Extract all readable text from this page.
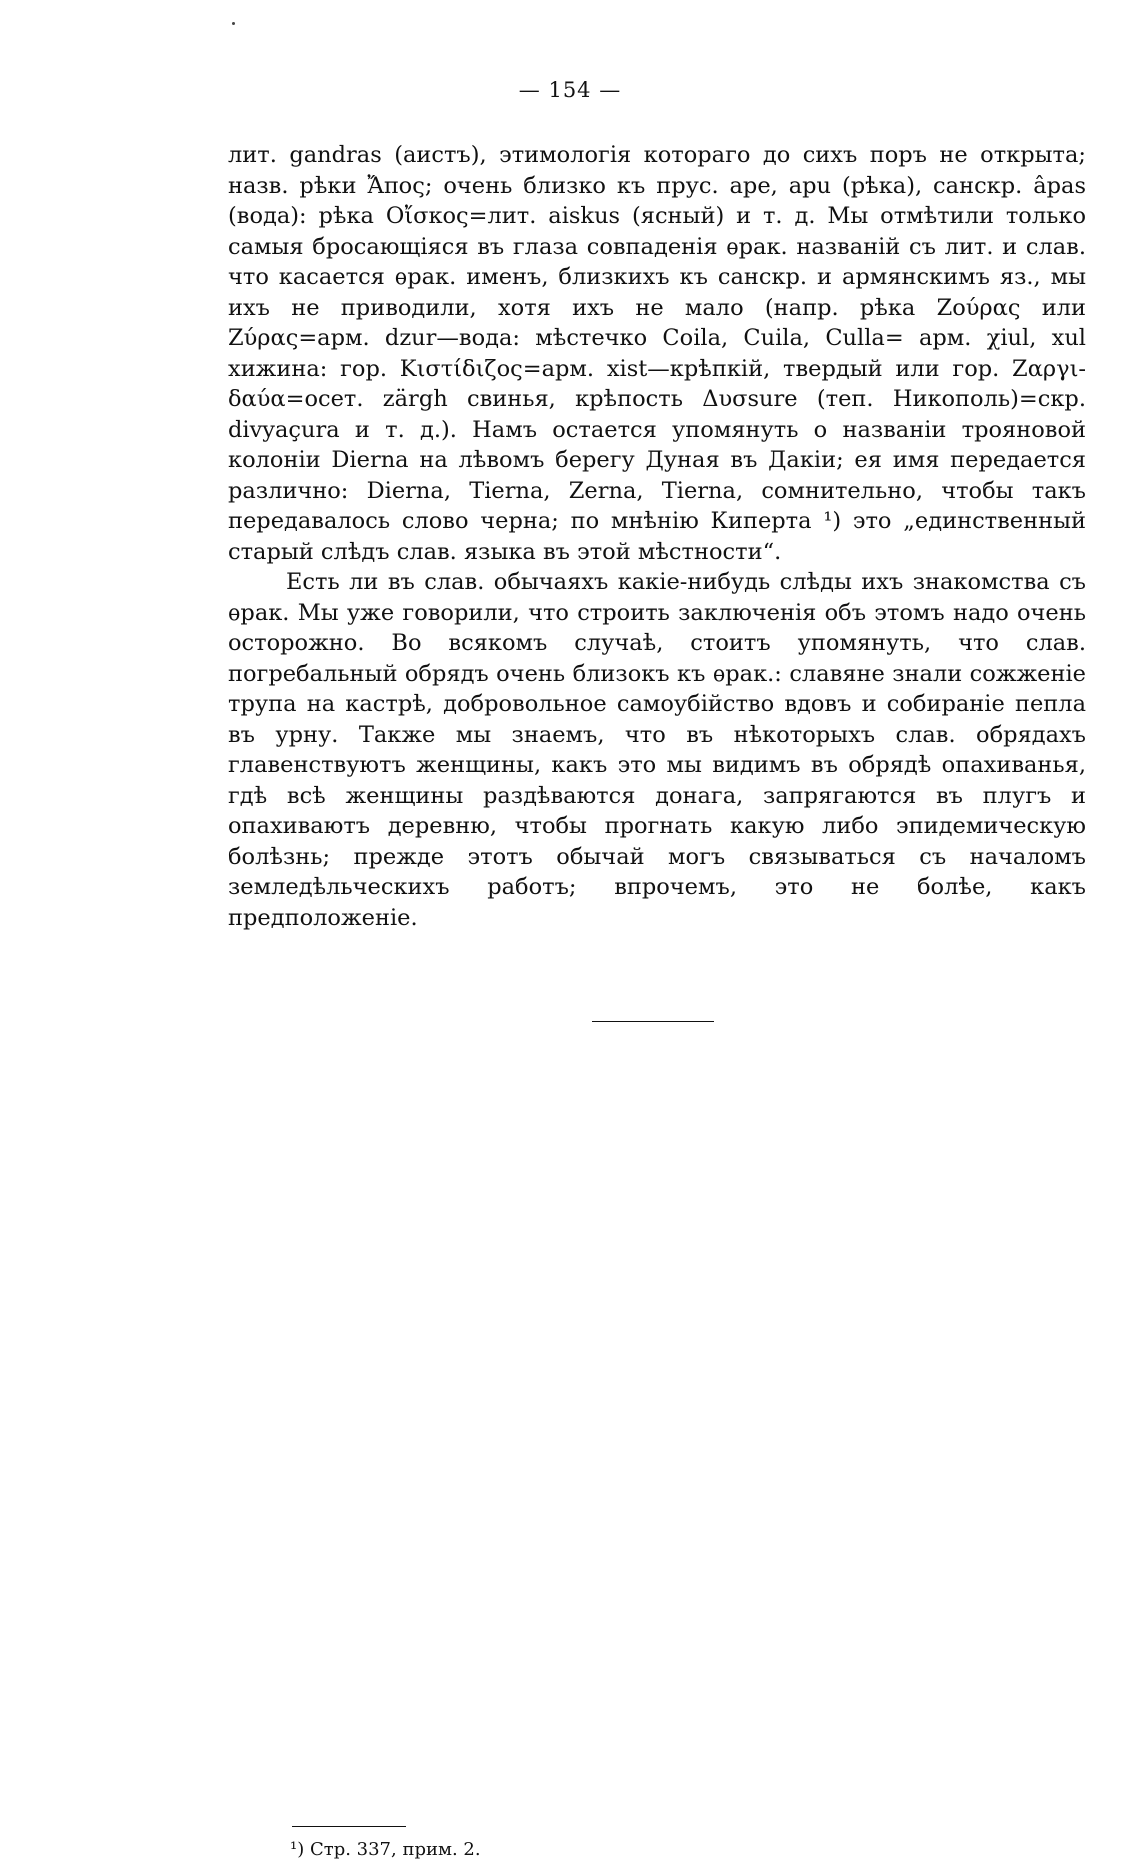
— 154 —

лит. gandras (аистъ), этимологія котораго до сихъ поръ не открыта; назв. рѣки Ἄπος; очень близко къ прус. ape, apu (рѣка), санскр. âpas (вода): рѣка Οἴσκος=лит. aiskus (ясный) и т. д. Мы отмѣтили только самыя бросающіяся въ глаза совпаденія ѳрак. названій съ лит. и слав. что касается ѳрак. именъ, близкихъ къ санскр. и армянскимъ яз., мы ихъ не приводили, хотя ихъ не мало (напр. рѣка Ζούρας или Ζύρας=арм. dzur—вода: мѣстечко Coila, Cuila, Culla= арм. χiul, xul хижина: гор. Κιστίδιζος=арм. xist—крѣпкій, твердый или гор. Ζαργι-δαύα=осет. zärgh свинья, крѣпость Δυσsure (теп. Никополь)=скр. divyaçura и т. д.). Намъ остается упомянуть о названіи трояновой колоніи Dierna на лѣвомъ берегу Дуная въ Дакіи; ея имя передается различно: Dierna, Tierna, Zerna, Tierna, сомнительно, чтобы такъ передавалось слово черна; по мнѣнію Киперта ¹) это „единственный старый слѣдъ слав. языка въ этой мѣстности“.

Есть ли въ слав. обычаяхъ какіе-нибудь слѣды ихъ знакомства съ ѳрак. Мы уже говорили, что строить заключенія объ этомъ надо очень осторожно. Во всякомъ случаѣ, стоитъ упомянуть, что слав. погребальный обрядъ очень близокъ къ ѳрак.: славяне знали сожженіе трупа на кастрѣ, добровольное самоубійство вдовъ и собираніе пепла въ урну. Также мы знаемъ, что въ нѣкоторыхъ слав. обрядахъ главенствуютъ женщины, какъ это мы видимъ въ обрядѣ опахиванья, гдѣ всѣ женщины раздѣваются донага, запрягаются въ плугъ и опахиваютъ деревню, чтобы прогнать какую либо эпидемическую болѣзнь; прежде этотъ обычай могъ связываться съ началомъ земледѣльческихъ работъ; впрочемъ, это не болѣе, какъ предположеніе.

¹) Стр. 337, прим. 2.
